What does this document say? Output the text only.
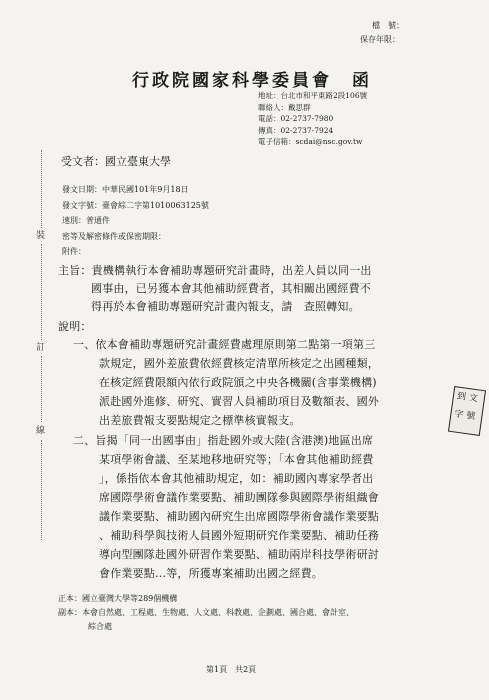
檔　號：
保存年限：
行政院國家科學委員會　函
地址：台北市和平東路2段106號
聯絡人：戴思群
電話：02-2737-7980
傳真：02-2737-7924
電子信箱：scdai@nsc.gov.tw
受文者：國立臺東大學
發文日期：中華民國101年9月18日
發文字號：臺會綜二字第1010063125號
速別：普通件
密等及解密條件或保密期限：
附件：
裝
訂
線
主旨：貴機構執行本會補助專題研究計畫時，出差人員以同一出
國事由，已另獲本會其他補助經費者，其相關出國經費不
得再於本會補助專題研究計畫內報支，請　查照轉知。
說明：
一、依本會補助專題研究計畫經費處理原則第二點第一項第三
款規定，國外差旅費依經費核定清單所核定之出國種類，
在核定經費限額內依行政院頒之中央各機關(含事業機構)
派赴國外進修、研究、實習人員補助項目及數額表、國外
出差旅費報支要點規定之標準核實報支。
二、旨揭「同一出國事由」指赴國外或大陸(含港澳)地區出席
某項學術會議、至某地移地研究等；「本會其他補助經費
」，係指依本會其他補助規定，如：補助國內專家學者出
席國際學術會議作業要點、補助團隊參與國際學術組織會
議作業要點、補助國內研究生出席國際學術會議作業要點
、補助科學與技術人員國外短期研究作業要點、補助任務
導向型團隊赴國外研習作業要點、補助兩岸科技學術研討
會作業要點…等，所獲專案補助出國之經費。
正本：國立臺灣大學等289個機構
副本：本會自然處、工程處、生物處、人文處、科教處、企劃處、國合處、會計室、
綜合處
第1頁　共2頁
到 文
字 號
